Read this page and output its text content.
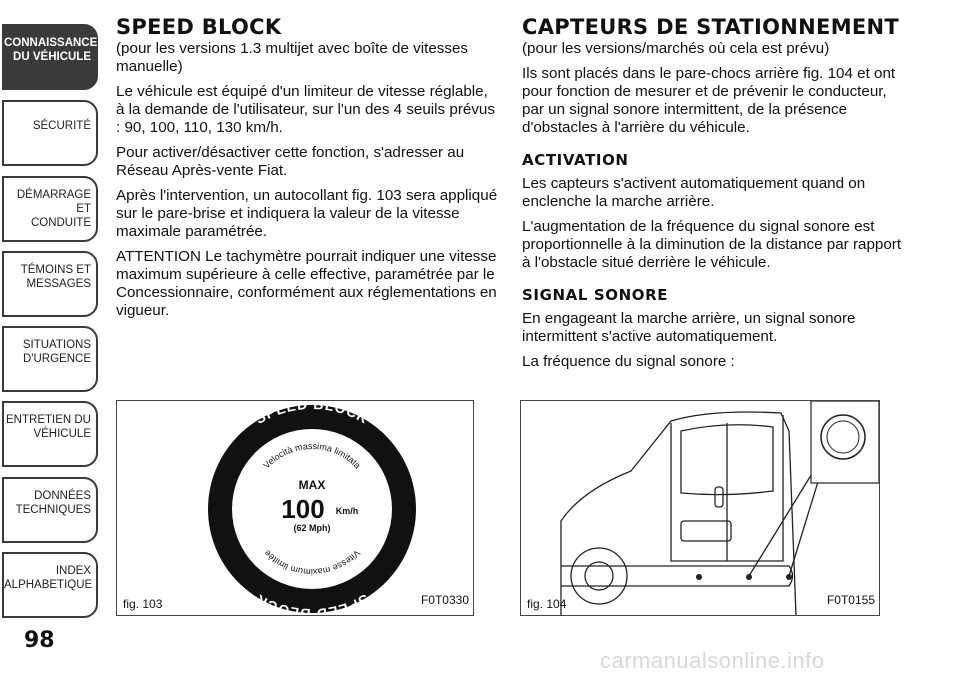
CONNAISSANCE
DU VÉHICULE
SÉCURITÉ
DÉMARRAGE ET
CONDUITE
TÉMOINS ET
MESSAGES
SITUATIONS
D'URGENCE
ENTRETIEN DU
VÉHICULE
DONNÉES
TECHNIQUES
INDEX
ALPHABETIQUE
98
SPEED BLOCK

(pour les versions 1.3 multijet avec boîte de vitesses manuelle)

Le véhicule est équipé d'un limiteur de vitesse réglable, à la demande de l'utilisateur, sur l'un des 4 seuils prévus : 90, 100, 110, 130 km/h.

Pour activer/désactiver cette fonction, s'adresser au Réseau Après-vente Fiat.

Après l'intervention, un autocollant fig. 103 sera appliqué sur le pare-brise et indiquera la valeur de la vitesse maximale paramétrée.

ATTENTION Le tachymètre pourrait indiquer une vitesse maximum supérieure à celle effective, paramétrée par le Concessionnaire, conformément aux réglementations en vigueur.

CAPTEURS DE STATIONNEMENT

(pour les versions/marchés où cela est prévu)

Ils sont placés dans le pare-chocs arrière fig. 104 et ont pour fonction de mesurer et de prévenir le conducteur, par un signal sonore intermittent, de la présence d'obstacles à l'arrière du véhicule.

ACTIVATION

Les capteurs s'activent automatiquement quand on enclenche la marche arrière.

L'augmentation de la fréquence du signal sonore est proportionnelle à la diminution de la distance par rapport à l'obstacle situé derrière le véhicule.

SIGNAL SONORE

En engageant la marche arrière, un signal sonore intermittent s'active automatiquement.

La fréquence du signal sonore :

SPEED BLOCK
SPEED BLOCK
Velocità massima limitata
Vitesse maximum limitée
MAX
100 Km/h
(62 Mph)
fig. 103	F0T0330	fig. 104	F0T0155
carmanualsonline.info
